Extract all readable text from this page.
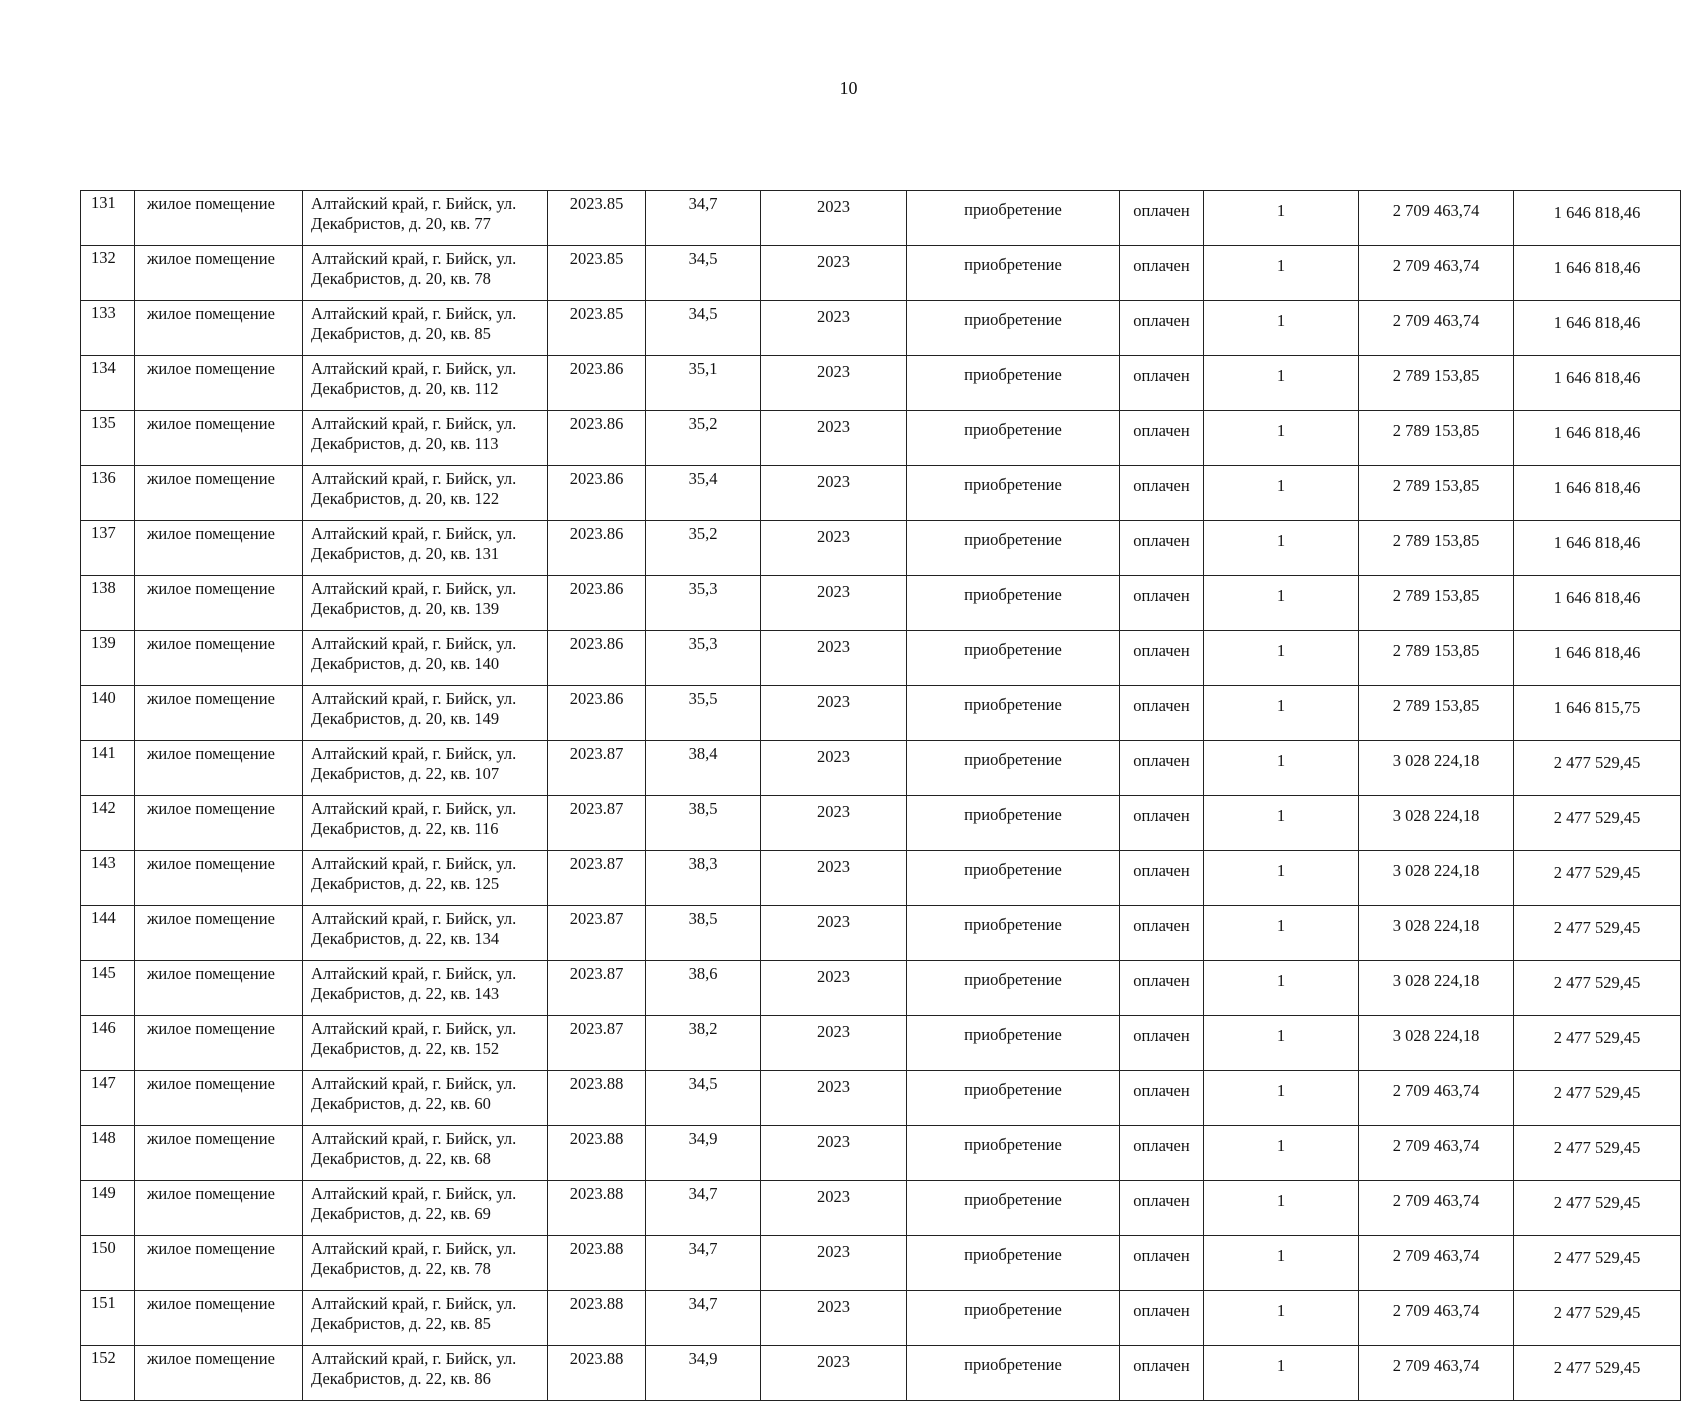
10
131	жилое помещение	Алтайский край, г. Бийск, ул.
Декабристов, д. 20, кв. 77	2023.85	34,7	2023	приобретение	оплачен	1	2 709 463,74	1 646 818,46
132	жилое помещение	Алтайский край, г. Бийск, ул.
Декабристов, д. 20, кв. 78	2023.85	34,5	2023	приобретение	оплачен	1	2 709 463,74	1 646 818,46
133	жилое помещение	Алтайский край, г. Бийск, ул.
Декабристов, д. 20, кв. 85	2023.85	34,5	2023	приобретение	оплачен	1	2 709 463,74	1 646 818,46
134	жилое помещение	Алтайский край, г. Бийск, ул.
Декабристов, д. 20, кв. 112	2023.86	35,1	2023	приобретение	оплачен	1	2 789 153,85	1 646 818,46
135	жилое помещение	Алтайский край, г. Бийск, ул.
Декабристов, д. 20, кв. 113	2023.86	35,2	2023	приобретение	оплачен	1	2 789 153,85	1 646 818,46
136	жилое помещение	Алтайский край, г. Бийск, ул.
Декабристов, д. 20, кв. 122	2023.86	35,4	2023	приобретение	оплачен	1	2 789 153,85	1 646 818,46
137	жилое помещение	Алтайский край, г. Бийск, ул.
Декабристов, д. 20, кв. 131	2023.86	35,2	2023	приобретение	оплачен	1	2 789 153,85	1 646 818,46
138	жилое помещение	Алтайский край, г. Бийск, ул.
Декабристов, д. 20, кв. 139	2023.86	35,3	2023	приобретение	оплачен	1	2 789 153,85	1 646 818,46
139	жилое помещение	Алтайский край, г. Бийск, ул.
Декабристов, д. 20, кв. 140	2023.86	35,3	2023	приобретение	оплачен	1	2 789 153,85	1 646 818,46
140	жилое помещение	Алтайский край, г. Бийск, ул.
Декабристов, д. 20, кв. 149	2023.86	35,5	2023	приобретение	оплачен	1	2 789 153,85	1 646 815,75
141	жилое помещение	Алтайский край, г. Бийск, ул.
Декабристов, д. 22, кв. 107	2023.87	38,4	2023	приобретение	оплачен	1	3 028 224,18	2 477 529,45
142	жилое помещение	Алтайский край, г. Бийск, ул.
Декабристов, д. 22, кв. 116	2023.87	38,5	2023	приобретение	оплачен	1	3 028 224,18	2 477 529,45
143	жилое помещение	Алтайский край, г. Бийск, ул.
Декабристов, д. 22, кв. 125	2023.87	38,3	2023	приобретение	оплачен	1	3 028 224,18	2 477 529,45
144	жилое помещение	Алтайский край, г. Бийск, ул.
Декабристов, д. 22, кв. 134	2023.87	38,5	2023	приобретение	оплачен	1	3 028 224,18	2 477 529,45
145	жилое помещение	Алтайский край, г. Бийск, ул.
Декабристов, д. 22, кв. 143	2023.87	38,6	2023	приобретение	оплачен	1	3 028 224,18	2 477 529,45
146	жилое помещение	Алтайский край, г. Бийск, ул.
Декабристов, д. 22, кв. 152	2023.87	38,2	2023	приобретение	оплачен	1	3 028 224,18	2 477 529,45
147	жилое помещение	Алтайский край, г. Бийск, ул.
Декабристов, д. 22, кв. 60	2023.88	34,5	2023	приобретение	оплачен	1	2 709 463,74	2 477 529,45
148	жилое помещение	Алтайский край, г. Бийск, ул.
Декабристов, д. 22, кв. 68	2023.88	34,9	2023	приобретение	оплачен	1	2 709 463,74	2 477 529,45
149	жилое помещение	Алтайский край, г. Бийск, ул.
Декабристов, д. 22, кв. 69	2023.88	34,7	2023	приобретение	оплачен	1	2 709 463,74	2 477 529,45
150	жилое помещение	Алтайский край, г. Бийск, ул.
Декабристов, д. 22, кв. 78	2023.88	34,7	2023	приобретение	оплачен	1	2 709 463,74	2 477 529,45
151	жилое помещение	Алтайский край, г. Бийск, ул.
Декабристов, д. 22, кв. 85	2023.88	34,7	2023	приобретение	оплачен	1	2 709 463,74	2 477 529,45
152	жилое помещение	Алтайский край, г. Бийск, ул.
Декабристов, д. 22, кв. 86	2023.88	34,9	2023	приобретение	оплачен	1	2 709 463,74	2 477 529,45
